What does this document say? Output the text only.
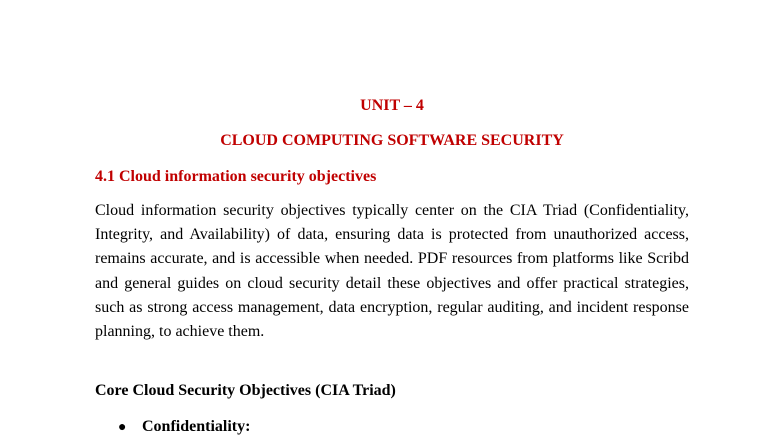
UNIT – 4
CLOUD COMPUTING SOFTWARE SECURITY
4.1 Cloud information security objectives

Cloud information security objectives typically center on the CIA Triad (Confidentiality, Integrity, and Availability) of data, ensuring data is protected from unauthorized access, remains accurate, and is accessible when needed. PDF resources from platforms like Scribd and general guides on cloud security detail these objectives and offer practical strategies, such as strong access management, data encryption, regular auditing, and incident response planning, to achieve them.

Core Cloud Security Objectives (CIA Triad)
● Confidentiality:
